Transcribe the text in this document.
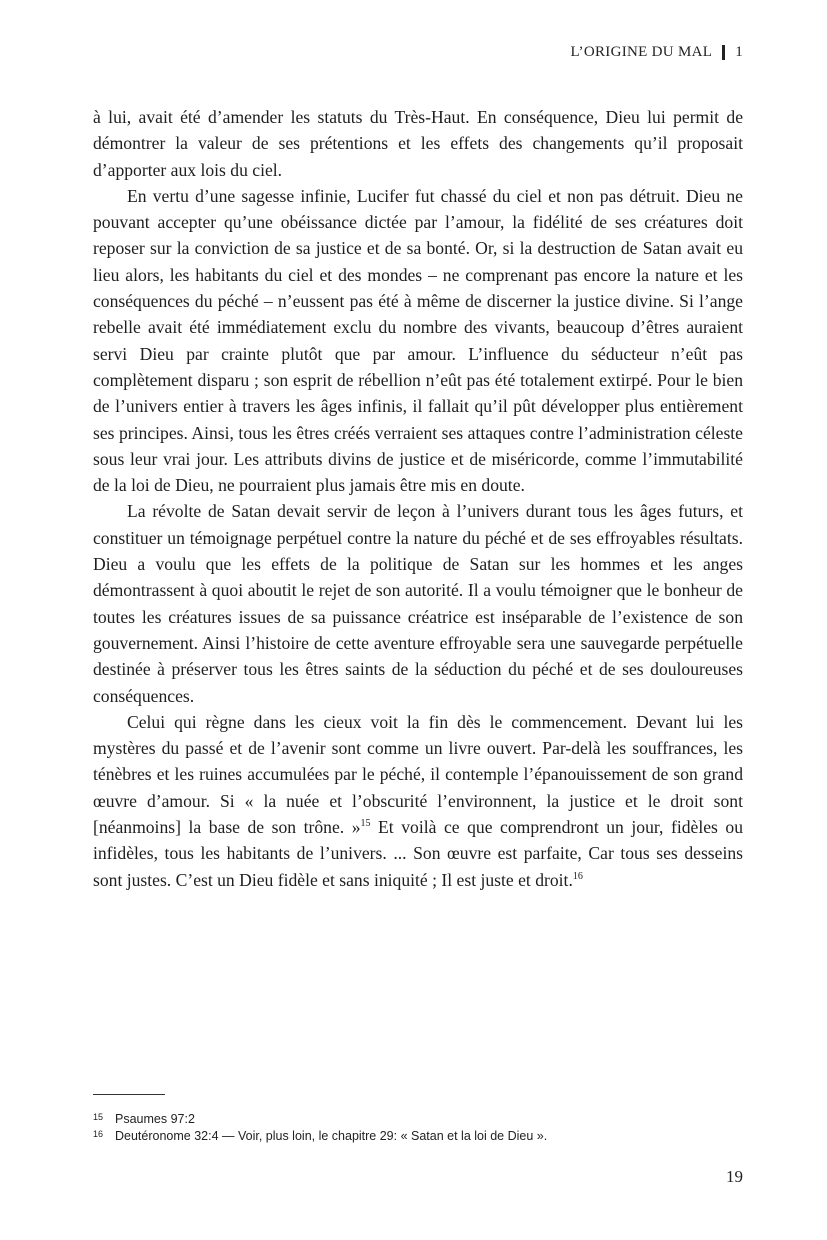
L’ORIGINE DU MAL 1

à lui, avait été d’amender les statuts du Très-Haut. En conséquence, Dieu lui permit de démontrer la valeur de ses prétentions et les effets des changements qu’il proposait d’apporter aux lois du ciel.

En vertu d’une sagesse infinie, Lucifer fut chassé du ciel et non pas détruit. Dieu ne pouvant accepter qu’une obéissance dictée par l’amour, la fidélité de ses créatures doit reposer sur la conviction de sa justice et de sa bonté. Or, si la destruction de Satan avait eu lieu alors, les habitants du ciel et des mondes – ne comprenant pas encore la nature et les conséquences du péché – n’eussent pas été à même de discerner la justice divine. Si l’ange rebelle avait été immédiatement exclu du nombre des vivants, beaucoup d’êtres auraient servi Dieu par crainte plutôt que par amour. L’influence du séducteur n’eût pas complètement disparu ; son esprit de rébellion n’eût pas été totalement extirpé. Pour le bien de l’univers entier à travers les âges infinis, il fallait qu’il pût développer plus entièrement ses principes. Ainsi, tous les êtres créés verraient ses attaques contre l’administration céleste sous leur vrai jour. Les attributs divins de justice et de miséricorde, comme l’immutabilité de la loi de Dieu, ne pourraient plus jamais être mis en doute.

La révolte de Satan devait servir de leçon à l’univers durant tous les âges futurs, et constituer un témoignage perpétuel contre la nature du péché et de ses effroyables résultats. Dieu a voulu que les effets de la politique de Satan sur les hommes et les anges démontrassent à quoi aboutit le rejet de son autorité. Il a voulu témoigner que le bonheur de toutes les créatures issues de sa puissance créatrice est inséparable de l’existence de son gouvernement. Ainsi l’histoire de cette aventure effroyable sera une sauvegarde perpétuelle destinée à préserver tous les êtres saints de la séduction du péché et de ses douloureuses conséquences.

Celui qui règne dans les cieux voit la fin dès le commencement. Devant lui les mystères du passé et de l’avenir sont comme un livre ouvert. Par-delà les souffrances, les ténèbres et les ruines accumulées par le péché, il contemple l’épanouissement de son grand œuvre d’amour. Si « la nuée et l’obscurité l’environnent, la justice et le droit sont [néanmoins] la base de son trône. »$^{15}$ Et voilà ce que comprendront un jour, fidèles ou infidèles, tous les habitants de l’univers. ... Son œuvre est parfaite, Car tous ses desseins sont justes. C’est un Dieu fidèle et sans iniquité ; Il est juste et droit.$^{16}$

15 Psaumes 97:2
16 Deutéronome 32:4 — Voir, plus loin, le chapitre 29: « Satan et la loi de Dieu ».
19
